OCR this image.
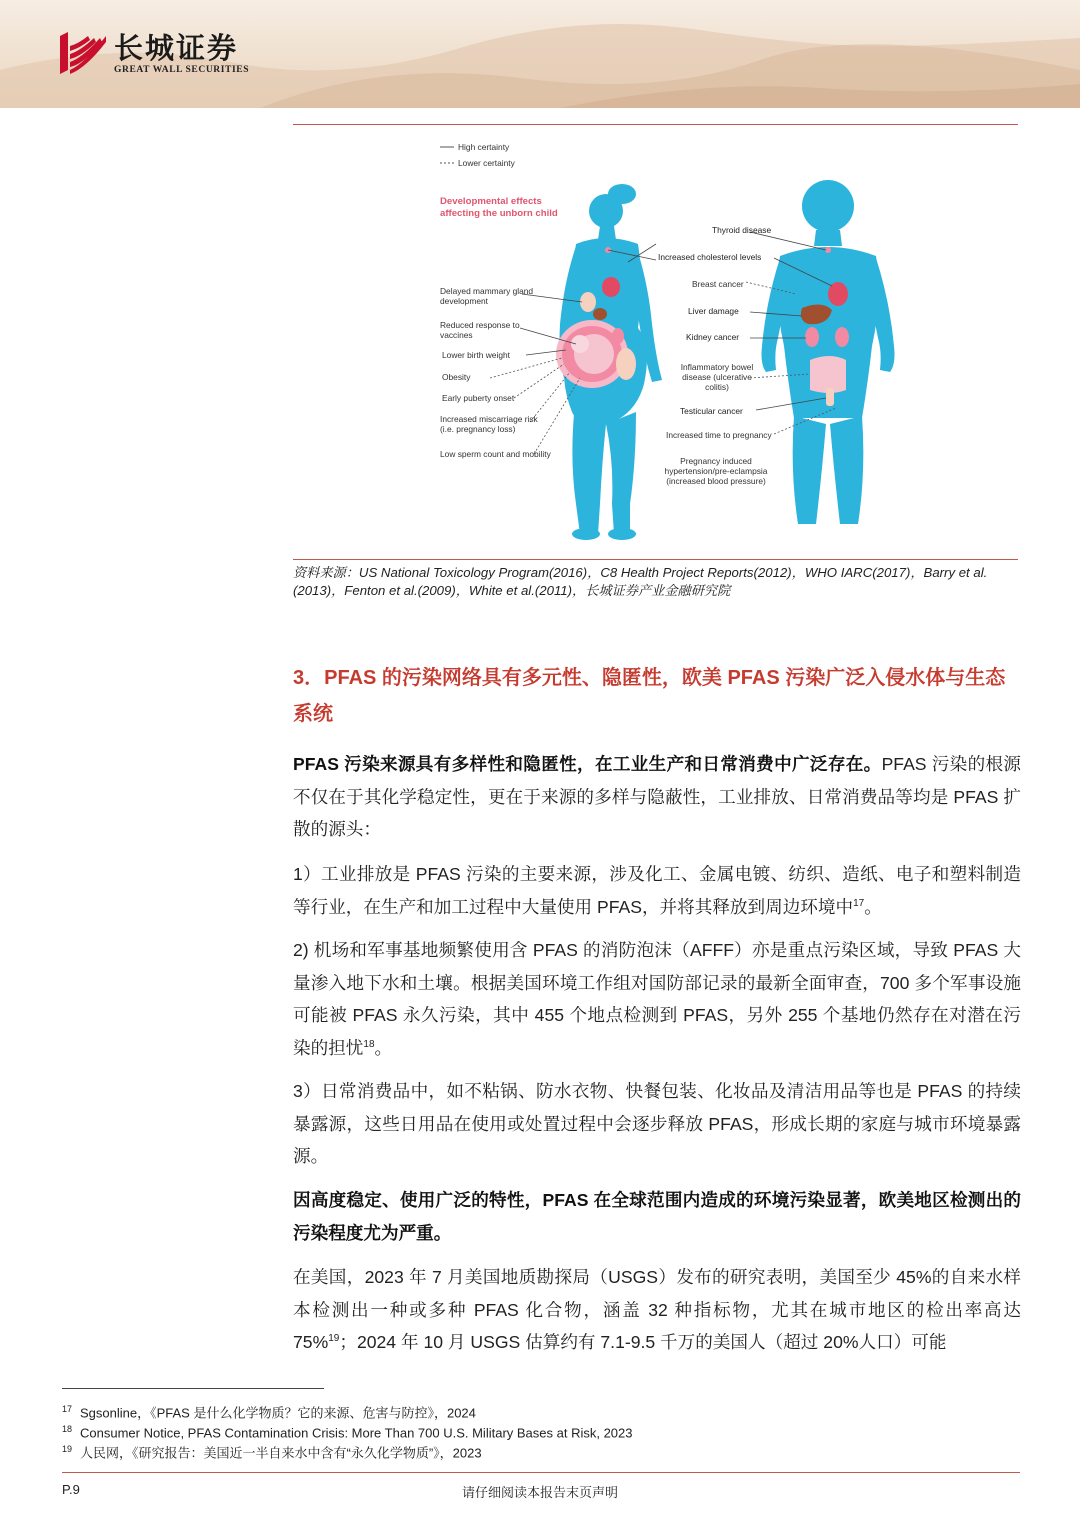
长城证券
GREAT WALL SECURITIES
High certainty
Lower certainty
Developmental effects
affecting the unborn child
Delayed mammary gland development
Reduced response to vaccines
Lower birth weight
Obesity
Early puberty onset
Increased miscarriage risk (i.e. pregnancy loss)
Low sperm count and mobility
Thyroid disease
Increased cholesterol levels
Breast cancer
Liver damage
Kidney cancer
Inflammatory bowel disease (ulcerative colitis)
Testicular cancer
Increased time to pregnancy
Pregnancy induced hypertension/pre-eclampsia (increased blood pressure)
资料来源：US National Toxicology Program(2016)，C8 Health Project Reports(2012)，WHO IARC(2017)，Barry et al.(2013)，Fenton et al.(2009)，White et al.(2011)，长城证券产业金融研究院
3．PFAS 的污染网络具有多元性、隐匿性，欧美 PFAS 污染广泛入侵水体与生态系统

PFAS 污染来源具有多样性和隐匿性，在工业生产和日常消费中广泛存在。PFAS 污染的根源不仅在于其化学稳定性，更在于来源的多样与隐蔽性，工业排放、日常消费品等均是 PFAS 扩散的源头：

1）工业排放是 PFAS 污染的主要来源，涉及化工、金属电镀、纺织、造纸、电子和塑料制造等行业，在生产和加工过程中大量使用 PFAS，并将其释放到周边环境中$^{17}$。

2) 机场和军事基地频繁使用含 PFAS 的消防泡沫（AFFF）亦是重点污染区域，导致 PFAS 大量渗入地下水和土壤。根据美国环境工作组对国防部记录的最新全面审查，700 多个军事设施可能被 PFAS 永久污染，其中 455 个地点检测到 PFAS，另外 255 个基地仍然存在对潜在污染的担忧$^{18}$。

3）日常消费品中，如不粘锅、防水衣物、快餐包装、化妆品及清洁用品等也是 PFAS 的持续暴露源，这些日用品在使用或处置过程中会逐步释放 PFAS，形成长期的家庭与城市环境暴露源。

因高度稳定、使用广泛的特性，PFAS 在全球范围内造成的环境污染显著，欧美地区检测出的污染程度尤为严重。

在美国，2023 年 7 月美国地质勘探局（USGS）发布的研究表明，美国至少 45%的自来水样本检测出一种或多种 PFAS 化合物，涵盖 32 种指标物，尤其在城市地区的检出率高达 75%$^{19}$；2024 年 10 月 USGS 估算约有 7.1-9.5 千万的美国人（超过 20%人口）可能

$^{17}$ Sgsonline，《PFAS 是什么化学物质？它的来源、危害与防控》，2024
$^{18}$ Consumer Notice, PFAS Contamination Crisis: More Than 700 U.S. Military Bases at Risk, 2023
$^{19}$ 人民网，《研究报告：美国近一半自来水中含有“永久化学物质”》，2023
请仔细阅读本报告末页声明
P.9
